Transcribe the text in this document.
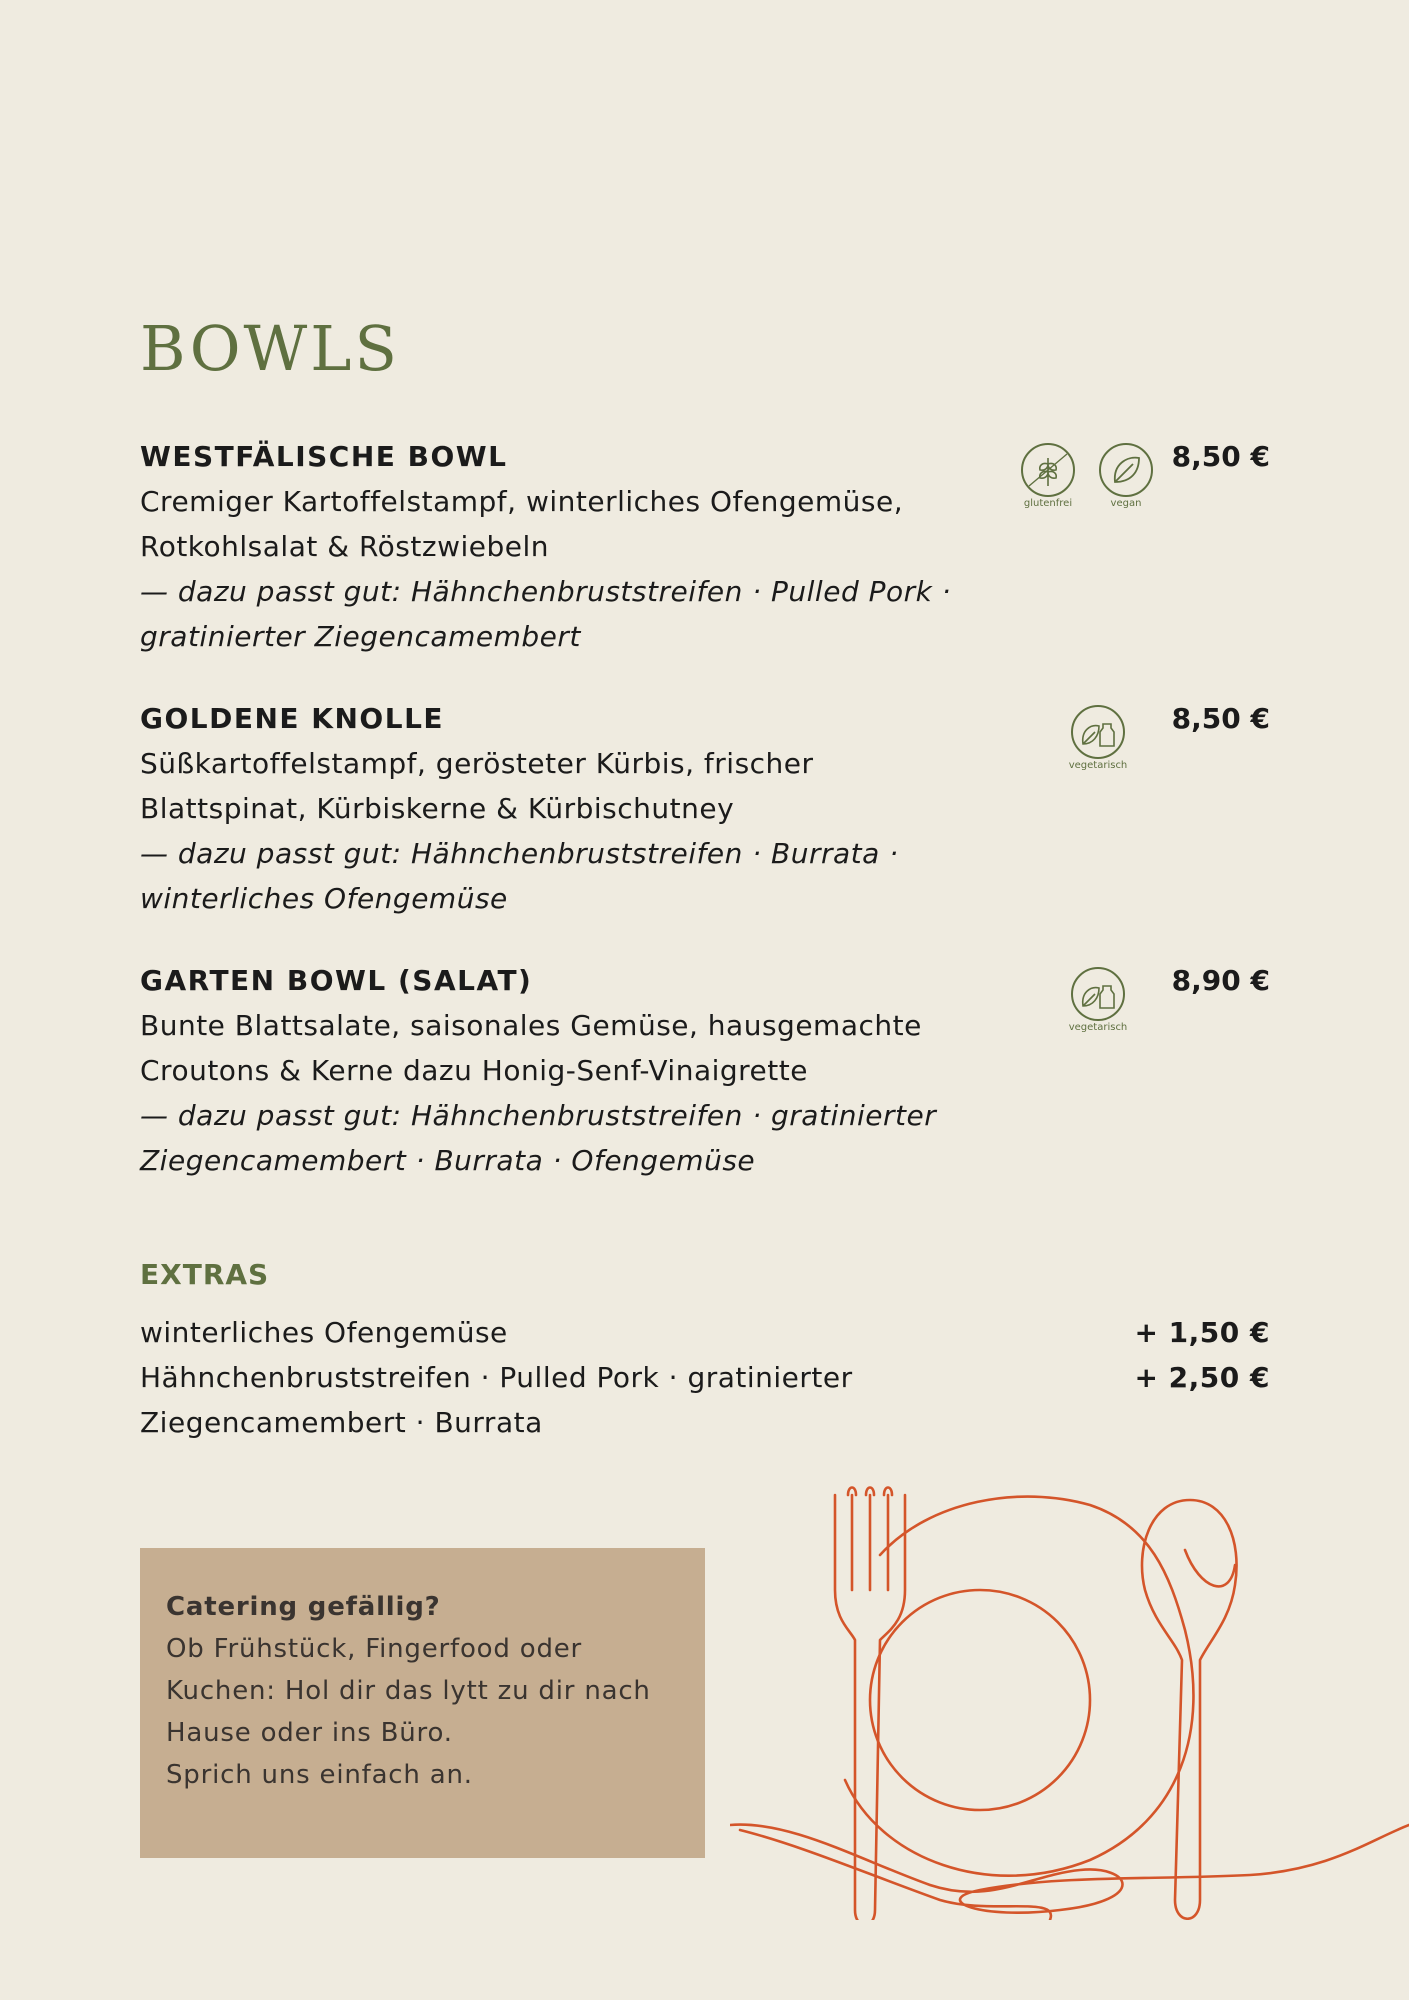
BOWLS
WESTFÄLISCHE BOWL	8,50 €
Cremiger Kartoffelstampf, winterliches Ofengemüse,
Rotkohlsalat & Röstzwiebeln
— dazu passt gut: Hähnchenbruststreifen · Pulled Pork ·
gratinierter Ziegencamembert
glutenfrei	vegan
GOLDENE KNOLLE	8,50 €
Süßkartoffelstampf, gerösteter Kürbis, frischer
Blattspinat, Kürbiskerne & Kürbischutney
— dazu passt gut: Hähnchenbruststreifen · Burrata ·
winterliches Ofengemüse
vegetarisch
GARTEN BOWL (SALAT)	8,90 €
Bunte Blattsalate, saisonales Gemüse, hausgemachte
Croutons & Kerne dazu Honig-Senf-Vinaigrette
— dazu passt gut: Hähnchenbruststreifen · gratinierter
Ziegencamembert · Burrata · Ofengemüse
vegetarisch
EXTRAS
winterliches Ofengemüse	+ 1,50 €
Hähnchenbruststreifen · Pulled Pork · gratinierter
Ziegencamembert · Burrata
+ 2,50 €
Catering gefällig?
Ob Frühstück, Fingerfood oder
Kuchen: Hol dir das lytt zu dir nach
Hause oder ins Büro.
Sprich uns einfach an.
